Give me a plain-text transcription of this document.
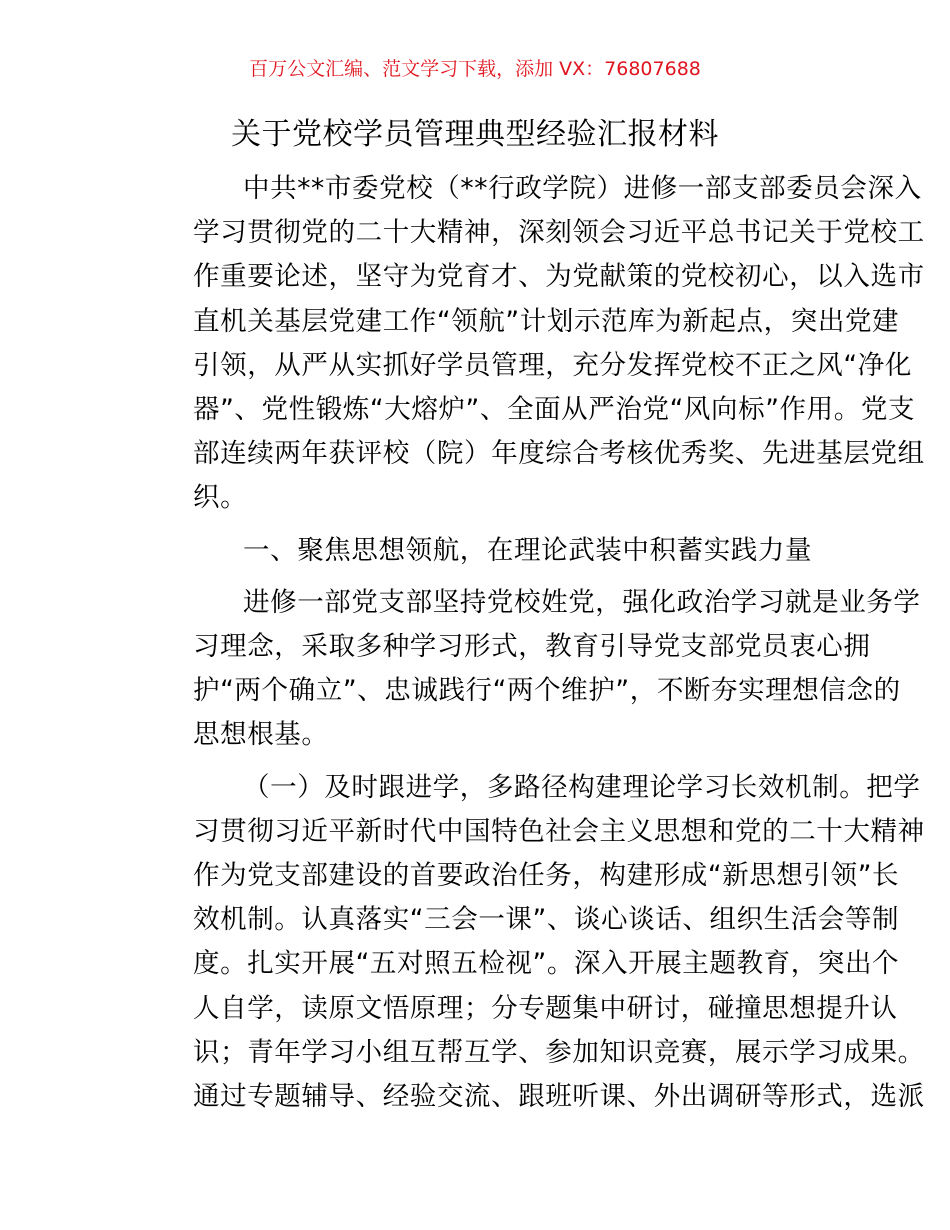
百万公文汇编、范文学习下载，添加 VX：76807688
关于党校学员管理典型经验汇报材料
中共**市委党校（**行政学院）进修一部支部委员会深入
学习贯彻党的二十大精神，深刻领会习近平总书记关于党校工
作重要论述，坚守为党育才、为党献策的党校初心，以入选市
直机关基层党建工作“领航”计划示范库为新起点，突出党建
引领，从严从实抓好学员管理，充分发挥党校不正之风“净化
器”、党性锻炼“大熔炉”、全面从严治党“风向标”作用。党支
部连续两年获评校（院）年度综合考核优秀奖、先进基层党组
织。
一、聚焦思想领航，在理论武装中积蓄实践力量
进修一部党支部坚持党校姓党，强化政治学习就是业务学
习理念，采取多种学习形式，教育引导党支部党员衷心拥
护“两个确立”、忠诚践行“两个维护”，不断夯实理想信念的
思想根基。
（一）及时跟进学，多路径构建理论学习长效机制。把学
习贯彻习近平新时代中国特色社会主义思想和党的二十大精神
作为党支部建设的首要政治任务，构建形成“新思想引领”长
效机制。认真落实“三会一课”、谈心谈话、组织生活会等制
度。扎实开展“五对照五检视”。深入开展主题教育，突出个
人自学，读原文悟原理；分专题集中研讨，碰撞思想提升认
识；青年学习小组互帮互学、参加知识竞赛，展示学习成果。
通过专题辅导、经验交流、跟班听课、外出调研等形式，选派
